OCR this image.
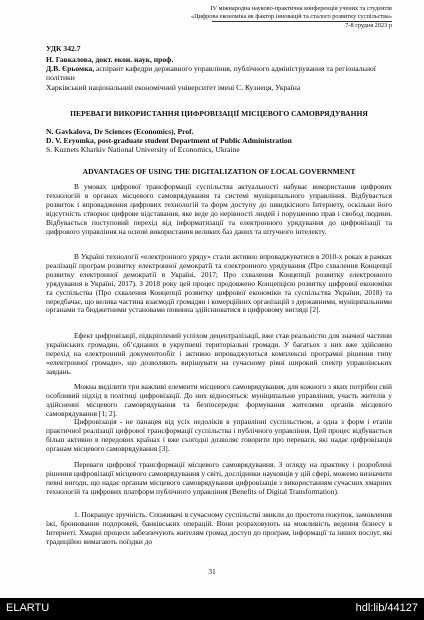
IV міжнародна науково-практична конференція учених та студентів
«Цифрова економіка як фактор інновацій та сталого розвитку суспільства»
7-8 грудня 2023 р
УДК 342.7
Н. Гавкалова, докт. екон. наук, проф.
Д.В. Єрьомка, аспірант кафедри державного управління, публічного адміністрування та регіональної політики
Харківський національний економічний університет імені С. Кузнеця, Україна
ПЕРЕВАГИ ВИКОРИСТАННЯ ЦИФРОВІЗАЦІЇ МІСЦЕВОГО САМОВРЯДУВАННЯ
N. Gavkalova, Dr Sciences (Economics), Prof.
D. V. Eryomka, post-graduate student Department of Public Administration
S. Kuznets Kharkiv National University of Economics, Ukraine
ADVANTAGES OF USING THE DIGITALIZATION OF LOCAL GOVERNMENT
В умовах цифрової трансформації суспільства актуальності набуває використання цифрових технологій в органах місцевого самоврядування та системі муніципального управління. Відбувається розвиток і впровадження цифрових технологій та форм доступу до швидкісного Інтернету, оскільки його відсутність створює цифрове відставання, яке веде до нерівності людей і порушенню прав і свобод людини. Відбувається поступовий перехід від інформатизації та електронного урядування до цифровізації та цифрового управління на основі використання великих баз даних та штучного інтелекту.
В Україні технології «електронного уряду» стали активно впроваджуватися в 2010-х роках в рамках реалізації програм розвитку електронної демократії та електронного урядування (Про схвалення Концепції розвитку електронної демократії в Україні, 2017; Про схвалення Концепції розвитку електронного урядування в Україні, 2017). З 2018 року цей процес продовжено Концепцією розвитку цифрової економіки та суспільства (Про схвалення Концепції розвитку цифрової економіки та суспільства України, 2018) та передбачає, що велика частина взаємодії громадян і комерційних організацій з державними, муніципальними органами та бюджетними установами повинна здійснюватися в цифровому вигляді [2].
Ефект цифровізації, підкріплений успіхом децентралізації, вже став реальністю для значної частини українських громадян, об’єднаних в укрупнені територіальні громади. У багатьох з них вже здійснено перехід на електронний документообіг і активно впроваджуються комплексні програмні рішення типу «електронної громади», що дозволяють вирішувати на сучасному рівні широкий спектр управлінських завдань.
Можна виділити три важливі елементи місцевого самоврядування, для кожного з яких потрібен свій особливий підхід в політиці цифровізації. До них відносяться: муніципальне управління, участь жителів у здійсненні місцевого самоврядування та безпосереднє формування жителями органів місцевого самоврядування [1; 2].
Цифровізація - не панацея від усіх недоліків в управлінні суспільством, а одна з форм і етапів практичної реалізації цифрової трансформації суспільства і публічного управління. Цей процес відбувається більш активно в передових країнах і вже сьогодні дозволяє говорити про переваги, які надає цифровізація органам місцевого самоврядування [3].
Переваги цифрової трансформації місцевого самоврядування. З огляду на практику і розроблені рішення цифровізації місцевого самоврядування у світі, дослідники науковців у цій сфері, можемо визначити певні вигоди, що надає органам місцевого самоврядування цифровізація з використанням сучасних хмарних технологій та цифрових платформ публічного управління (Benefits of Digital Transformation).
1. Покращує зручність. Споживачі в сучасному суспільстві звикли до простоти покупок, замовлення їжі, бронювання подорожей, банківських операцій. Вони розраховують на можливість ведення бізнесу в Інтернеті. Хмарні процеси забезпечують жителям громад доступ до програм, інформації та інших послуг, які традиційно вимагають поїздки до
31
ELARTU	hdl:lib/44127
